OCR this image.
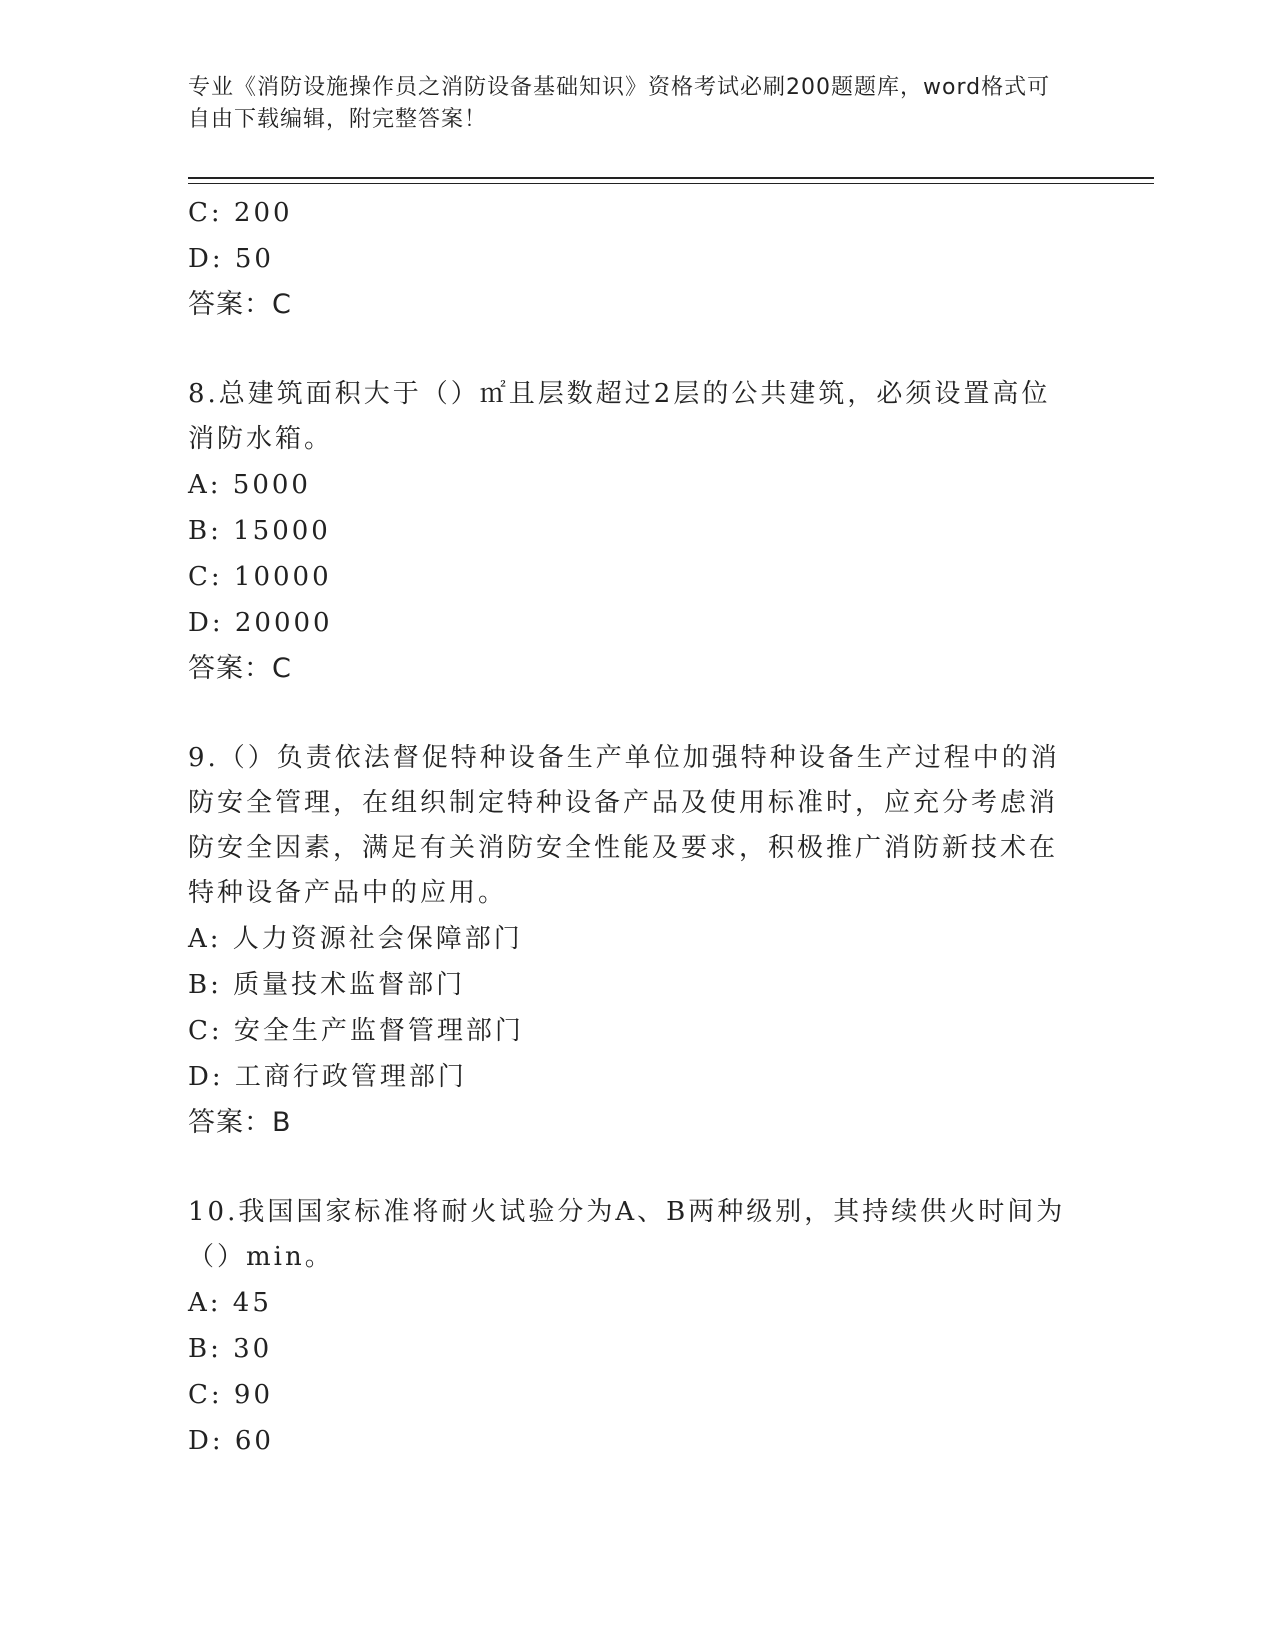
专业《消防设施操作员之消防设备基础知识》资格考试必刷200题题库，word格式可自由下载编辑，附完整答案！
C: 200
D: 50
答案：C
8.总建筑面积大于（）㎡且层数超过2层的公共建筑，必须设置高位消防水箱。
A: 5000
B: 15000
C: 10000
D: 20000
答案：C
9.（）负责依法督促特种设备生产单位加强特种设备生产过程中的消防安全管理，在组织制定特种设备产品及使用标准时，应充分考虑消防安全因素，满足有关消防安全性能及要求，积极推广消防新技术在特种设备产品中的应用。
A: 人力资源社会保障部门
B: 质量技术监督部门
C: 安全生产监督管理部门
D: 工商行政管理部门
答案：B
10.我国国家标准将耐火试验分为A、B两种级别，其持续供火时间为（）min。
A: 45
B: 30
C: 90
D: 60
